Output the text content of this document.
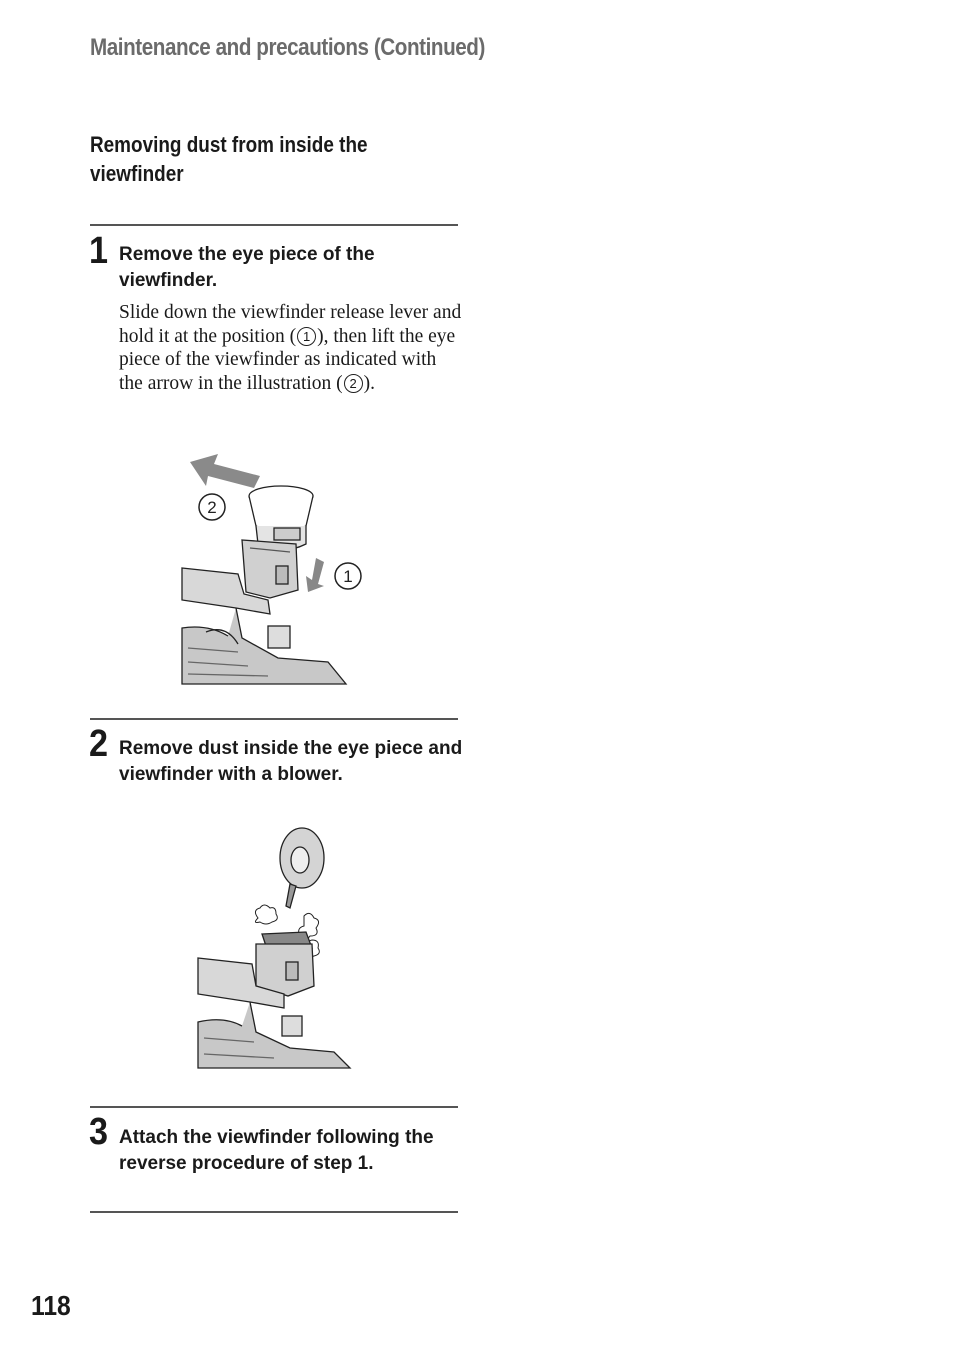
Maintenance and precautions (Continued)
Removing dust from inside the viewfinder
1 Remove the eye piece of the viewfinder.
Slide down the viewfinder release lever and hold it at the position ( 1 ), then lift the eye piece of the viewfinder as indicated with the arrow in the illustration ( 2 ).
2
1
2 Remove dust inside the eye piece and viewfinder with a blower.
3 Attach the viewfinder following the reverse procedure of step 1.
118
